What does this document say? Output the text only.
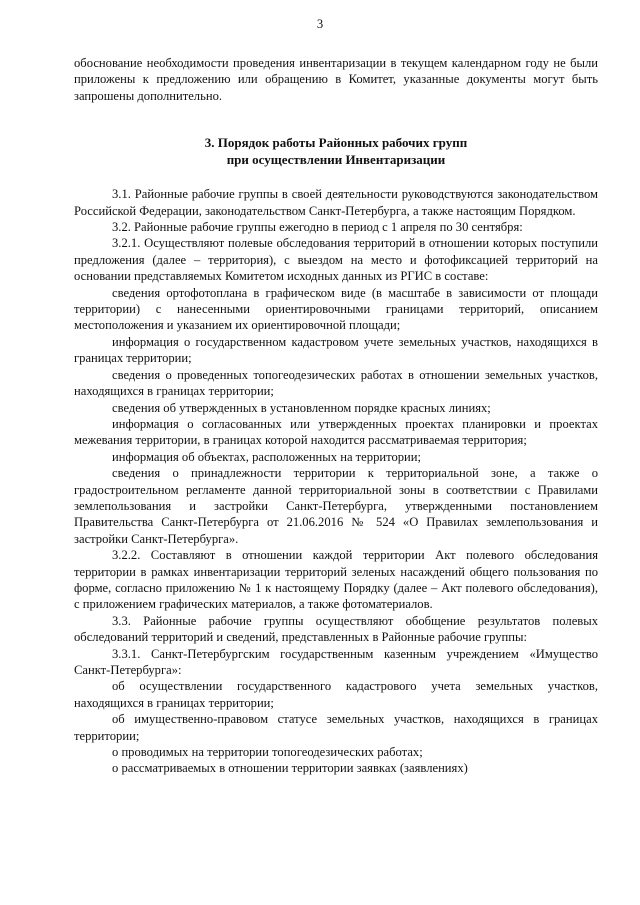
3

обоснование необходимости проведения инвентаризации в текущем календарном году не были приложены к предложению или обращению в Комитет, указанные документы могут быть запрошены дополнительно.

3. Порядок работы Районных рабочих групп
при осуществлении Инвентаризации

3.1. Районные рабочие группы в своей деятельности руководствуются законодательством Российской Федерации, законодательством Санкт-Петербурга, а также настоящим Порядком.

3.2. Районные рабочие группы ежегодно в период с 1 апреля по 30 сентября:

3.2.1. Осуществляют полевые обследования территорий в отношении которых поступили предложения (далее – территория), с выездом на место и фотофиксацией территорий на основании представляемых Комитетом исходных данных из РГИС в составе:

сведения ортофотоплана в графическом виде (в масштабе в зависимости от площади территории) с нанесенными ориентировочными границами территорий, описанием местоположения и указанием их ориентировочной площади;

информация о государственном кадастровом учете земельных участков, находящихся в границах территории;

сведения о проведенных топогеодезических работах в отношении земельных участков, находящихся в границах территории;

сведения об утвержденных в установленном порядке красных линиях;

информация о согласованных или утвержденных проектах планировки и проектах межевания территории, в границах которой находится рассматриваемая территория;

информация об объектах, расположенных на территории;

сведения о принадлежности территории к территориальной зоне, а также о градостроительном регламенте данной территориальной зоны в соответствии с Правилами землепользования и застройки Санкт-Петербурга, утвержденными постановлением Правительства Санкт-Петербурга от 21.06.2016 № 524 «О Правилах землепользования и застройки Санкт-Петербурга».

3.2.2. Составляют в отношении каждой территории Акт полевого обследования территории в рамках инвентаризации территорий зеленых насаждений общего пользования по форме, согласно приложению № 1 к настоящему Порядку (далее – Акт полевого обследования), с приложением графических материалов, а также фотоматериалов.

3.3. Районные рабочие группы осуществляют обобщение результатов полевых обследований территорий и сведений, представленных в Районные рабочие группы:

3.3.1. Санкт-Петербургским государственным казенным учреждением «Имущество Санкт-Петербурга»:

об осуществлении государственного кадастрового учета земельных участков, находящихся в границах территории;

об имущественно-правовом статусе земельных участков, находящихся в границах территории;

о проводимых на территории топогеодезических работах;

о рассматриваемых в отношении территории заявках (заявлениях)
